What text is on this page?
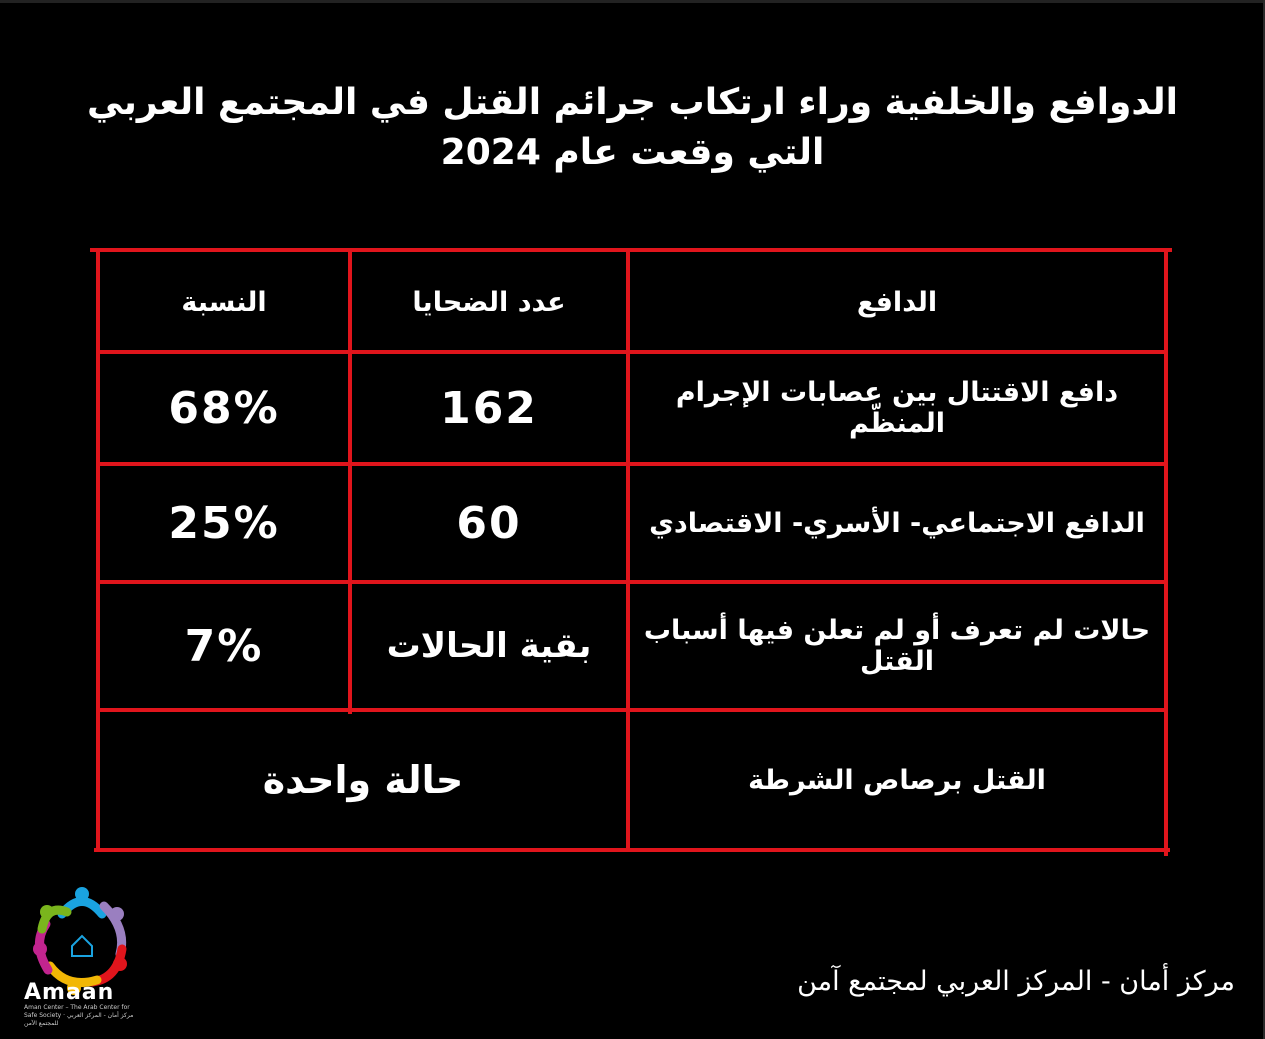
الدوافع والخلفية وراء ارتكاب جرائم القتل في المجتمع العربي
التي وقعت عام 2024
النسبة	عدد الضحايا	الدافع
68%	162	دافع الاقتتال بين عصابات الإجرام المنظّم
25%	60	الدافع الاجتماعي- الأسري- الاقتصادي
7%	بقية الحالات	حالات لم تعرف أو لم تعلن فيها أسباب القتل
حالة واحدة	القتل برصاص الشرطة
Amaan
Aman Center – The Arab Center for Safe Society · مركز أمان - المركز العربي للمجتمع الآمن
مركز أمان - المركز العربي لمجتمع آمن
